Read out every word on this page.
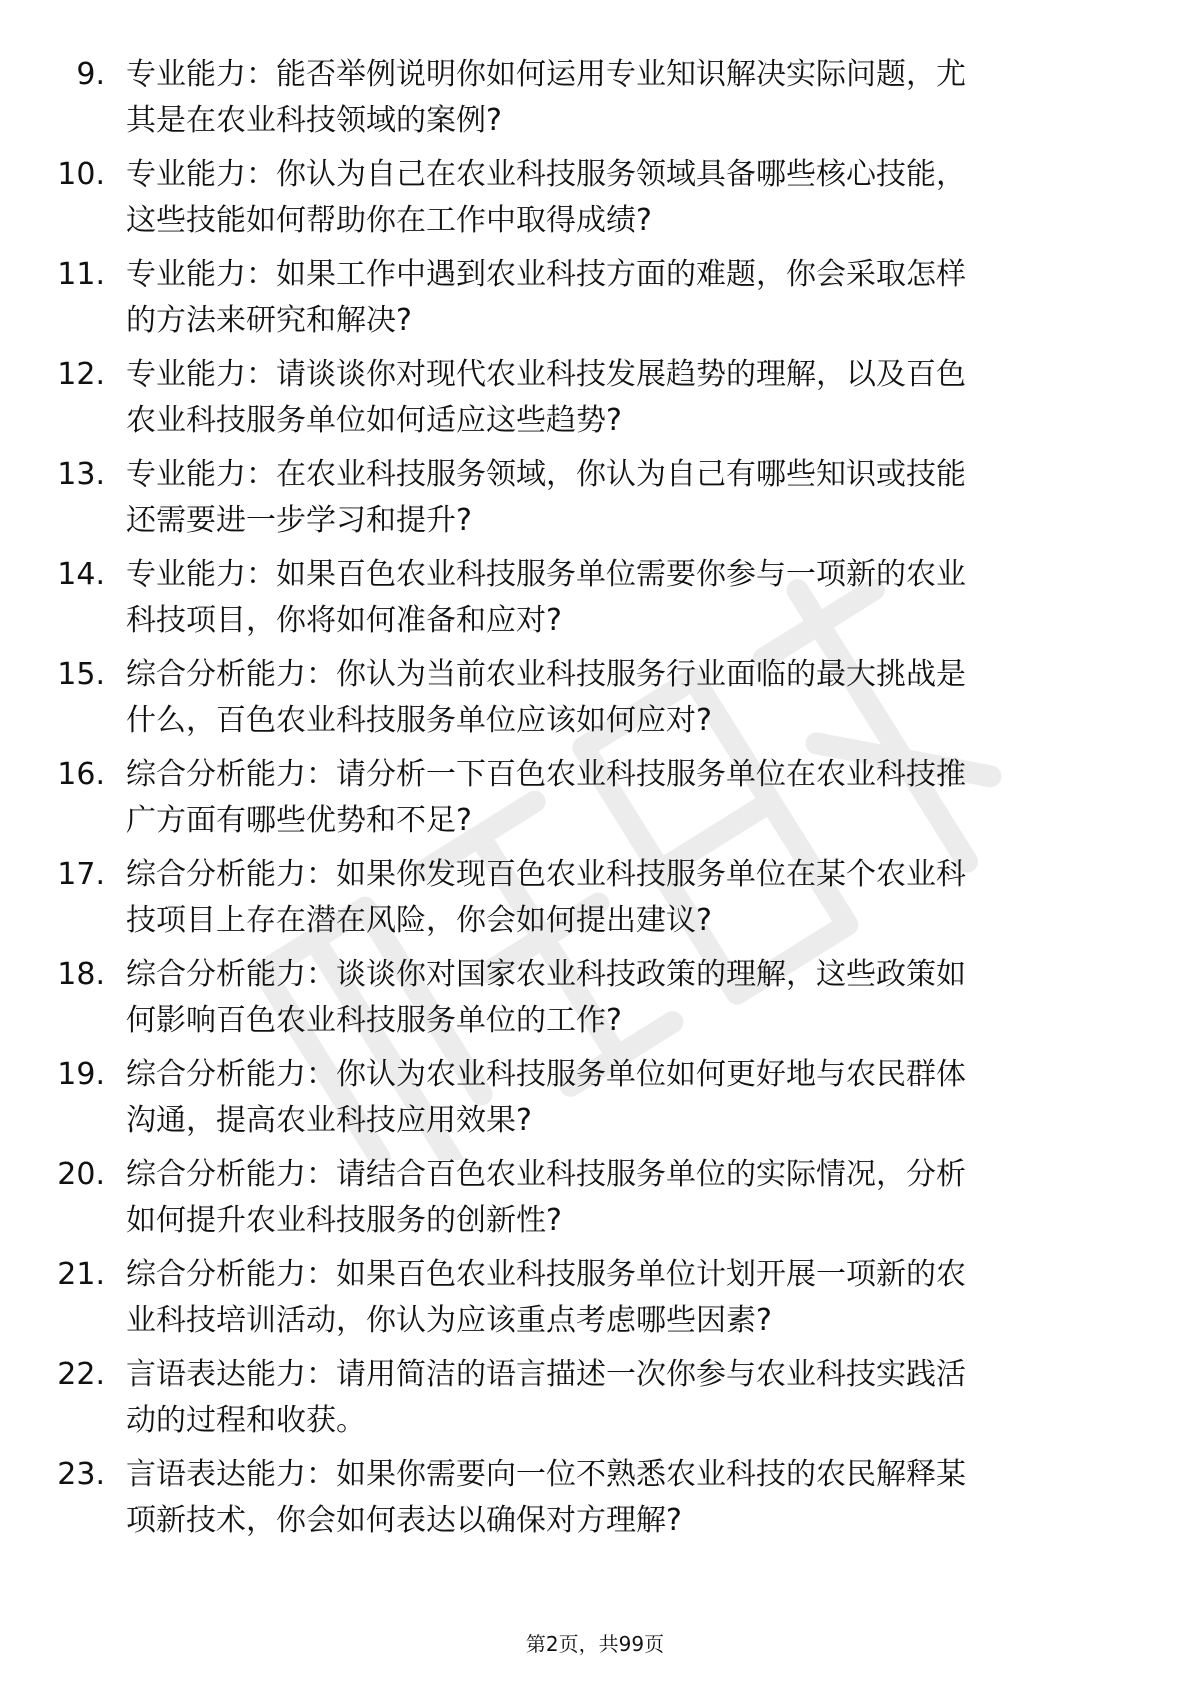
9. 专业能力：能否举例说明你如何运用专业知识解决实际问题，尤
其是在农业科技领域的案例?
10. 专业能力：你认为自己在农业科技服务领域具备哪些核心技能，
这些技能如何帮助你在工作中取得成绩?
11. 专业能力：如果工作中遇到农业科技方面的难题，你会采取怎样
的方法来研究和解决?
12. 专业能力：请谈谈你对现代农业科技发展趋势的理解，以及百色
农业科技服务单位如何适应这些趋势?
13. 专业能力：在农业科技服务领域，你认为自己有哪些知识或技能
还需要进一步学习和提升?
14. 专业能力：如果百色农业科技服务单位需要你参与一项新的农业
科技项目，你将如何准备和应对?
15. 综合分析能力：你认为当前农业科技服务行业面临的最大挑战是
什么，百色农业科技服务单位应该如何应对?
16. 综合分析能力：请分析一下百色农业科技服务单位在农业科技推
广方面有哪些优势和不足?
17. 综合分析能力：如果你发现百色农业科技服务单位在某个农业科
技项目上存在潜在风险，你会如何提出建议?
18. 综合分析能力：谈谈你对国家农业科技政策的理解，这些政策如
何影响百色农业科技服务单位的工作?
19. 综合分析能力：你认为农业科技服务单位如何更好地与农民群体
沟通，提高农业科技应用效果?
20. 综合分析能力：请结合百色农业科技服务单位的实际情况，分析
如何提升农业科技服务的创新性?
21. 综合分析能力：如果百色农业科技服务单位计划开展一项新的农
业科技培训活动，你认为应该重点考虑哪些因素?
22. 言语表达能力：请用简洁的语言描述一次你参与农业科技实践活
动的过程和收获。
23. 言语表达能力：如果你需要向一位不熟悉农业科技的农民解释某
项新技术，你会如何表达以确保对方理解?
第2页，共99页
